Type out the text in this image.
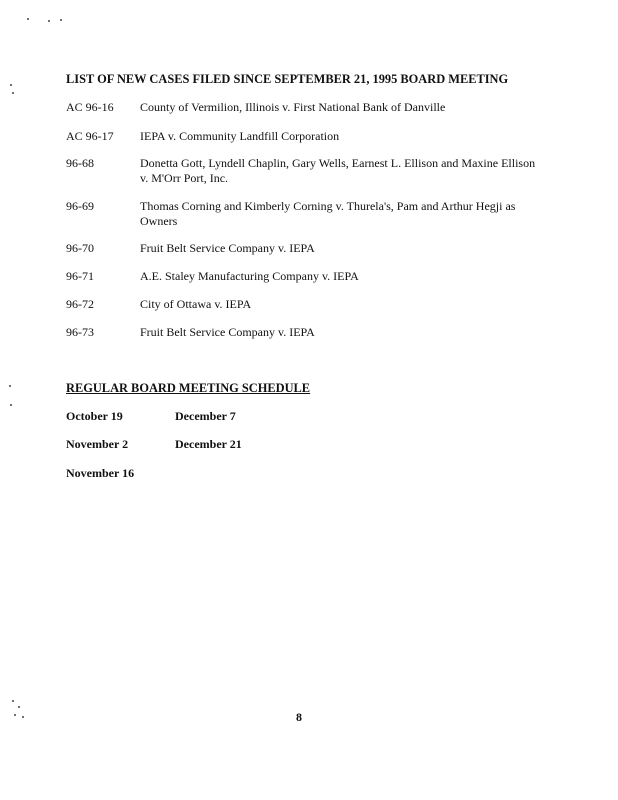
LIST OF NEW CASES FILED SINCE SEPTEMBER 21, 1995 BOARD MEETING
AC 96-16	County of Vermilion, Illinois v. First National Bank of Danville
AC 96-17	IEPA v. Community Landfill Corporation
96-68	Donetta Gott, Lyndell Chaplin, Gary Wells, Earnest L. Ellison and Maxine Ellison v. M'Orr Port, Inc.
96-69	Thomas Corning and Kimberly Corning v. Thurela's, Pam and Arthur Hegji as Owners
96-70	Fruit Belt Service Company v. IEPA
96-71	A.E. Staley Manufacturing Company v. IEPA
96-72	City of Ottawa v. IEPA
96-73	Fruit Belt Service Company v. IEPA
REGULAR BOARD MEETING SCHEDULE
October 19	December 7
November 2	December 21
November 16
8
